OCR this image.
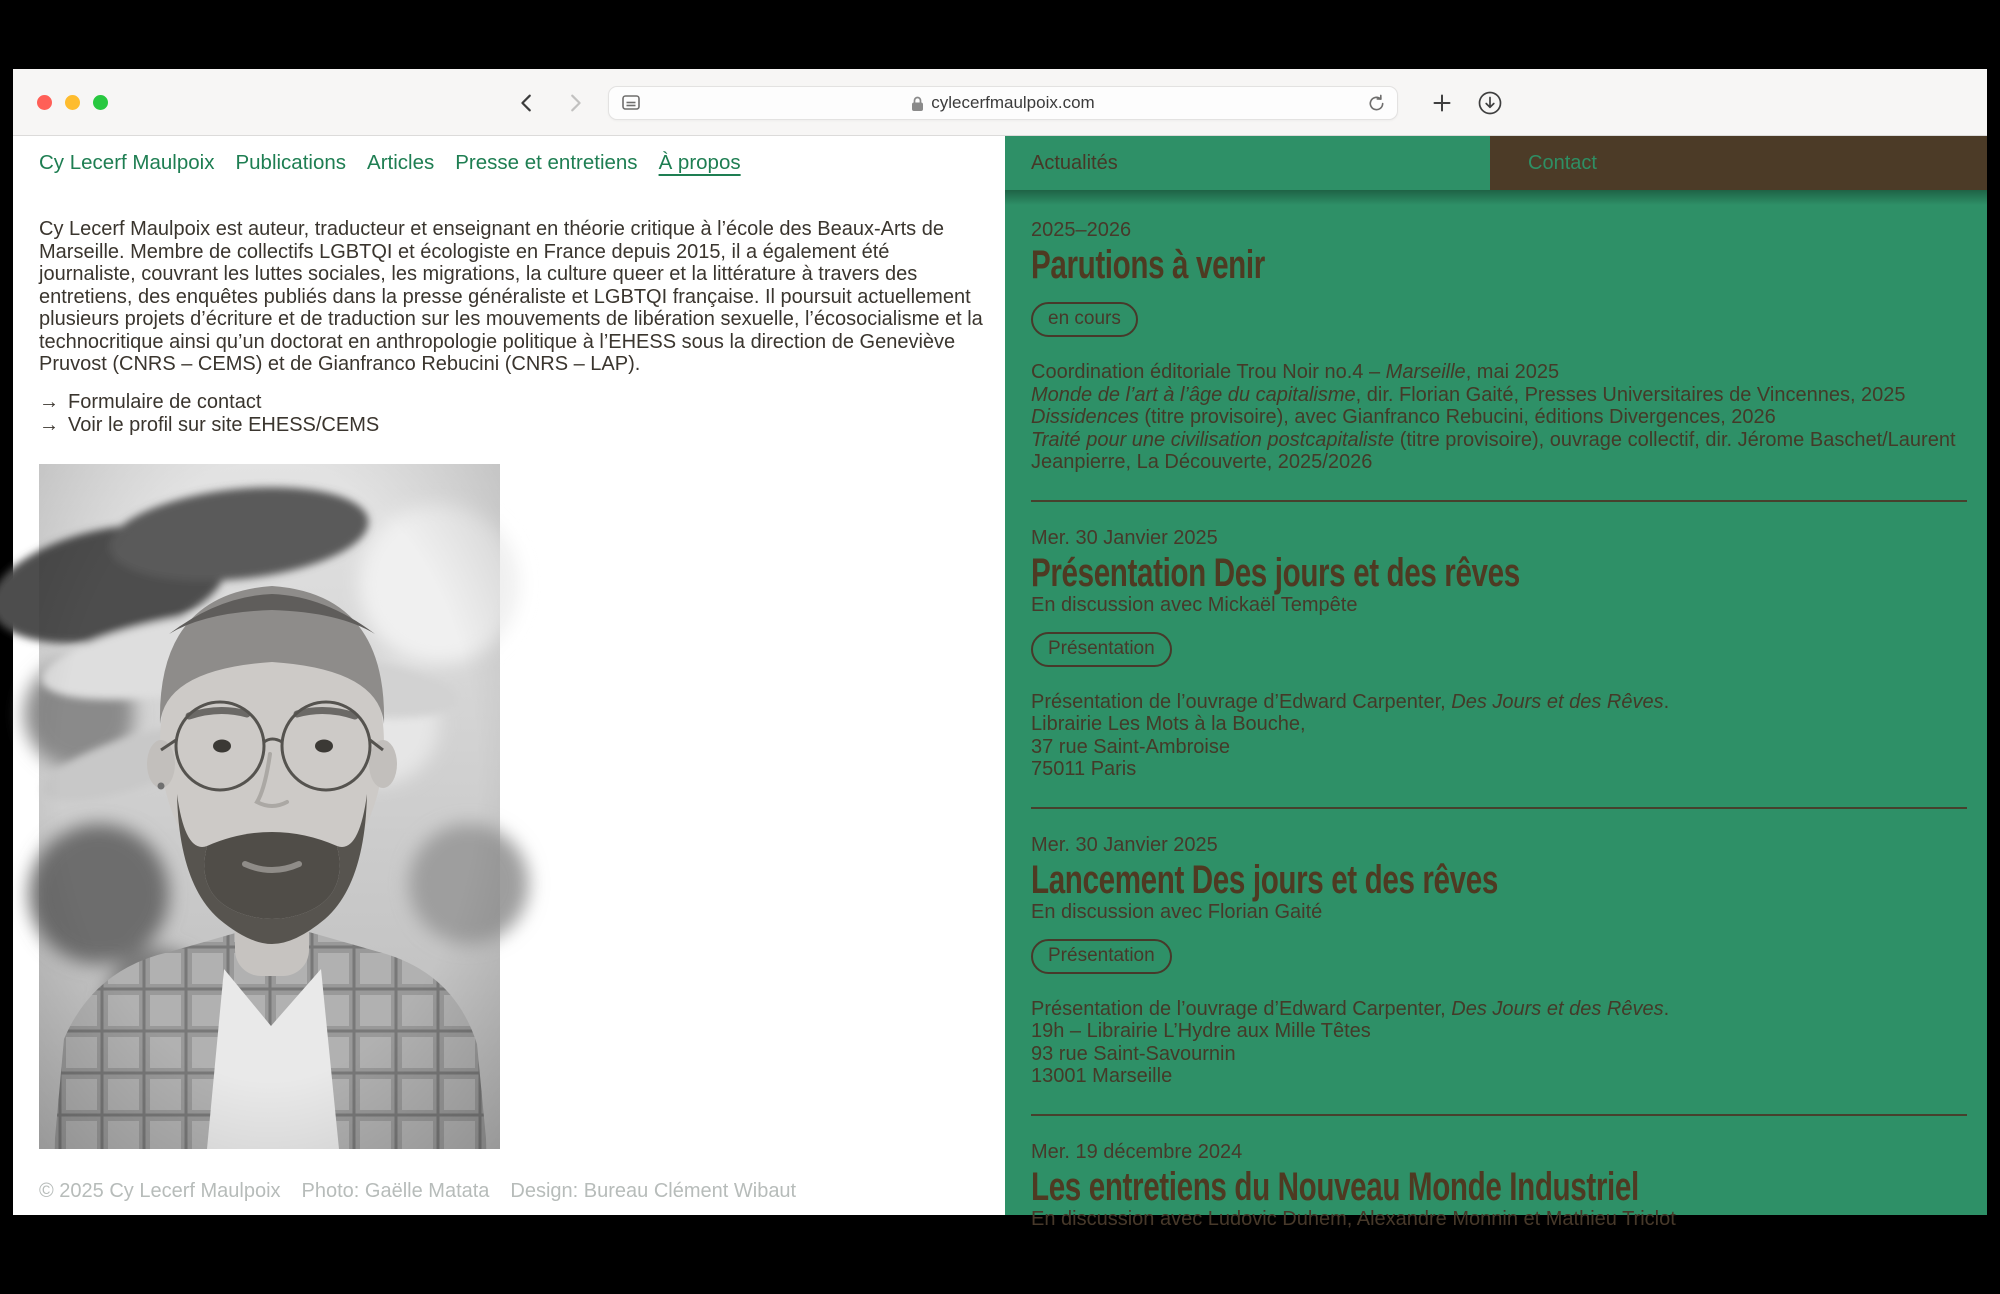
cylecerfmaulpoix.com
Cy Lecerf Maulpoix Publications Articles Presse et entretiens À propos	Actualités	Contact

Cy Lecerf Maulpoix est auteur, traducteur et enseignant en théorie critique à l’école des Beaux-Arts de Marseille. Membre de collectifs LGBTQI et écologiste en France depuis 2015, il a également été journaliste, couvrant les luttes sociales, les migrations, la culture queer et la littérature à travers des entretiens, des enquêtes publiés dans la presse généraliste et LGBTQI française. Il poursuit actuellement plusieurs projets d’écriture et de traduction sur les mouvements de libération sexuelle, l’écosocialisme et la technocritique ainsi qu’un doctorat en anthropologie politique à l’EHESS sous la direction de Geneviève Pruvost (CNRS – CEMS) et de Gianfranco Rebucini (CNRS – LAP).

→ Formulaire de contact
→ Voir le profil sur site EHESS/CEMS
© 2025 Cy Lecerf Maulpoix Photo: Gaëlle Matata Design: Bureau Clément Wibaut
2025–2026
Parutions à venir
en cours

Coordination éditoriale Trou Noir no.4 – Marseille, mai 2025
Monde de l’art à l’âge du capitalisme, dir. Florian Gaité, Presses Universitaires de Vincennes, 2025
Dissidences (titre provisoire), avec Gianfranco Rebucini, éditions Divergences, 2026
Traité pour une civilisation postcapitaliste (titre provisoire), ouvrage collectif, dir. Jérome Baschet/Laurent Jeanpierre, La Découverte, 2025/2026

Mer. 30 Janvier 2025
Présentation Des jours et des rêves
En discussion avec Mickaël Tempête
Présentation

Présentation de l’ouvrage d’Edward Carpenter, Des Jours et des Rêves.
Librairie Les Mots à la Bouche,
37 rue Saint-Ambroise
75011 Paris

Mer. 30 Janvier 2025
Lancement Des jours et des rêves
En discussion avec Florian Gaité
Présentation

Présentation de l’ouvrage d’Edward Carpenter, Des Jours et des Rêves.
19h – Librairie L’Hydre aux Mille Têtes
93 rue Saint-Savournin
13001 Marseille

Mer. 19 décembre 2024
Les entretiens du Nouveau Monde Industriel
En discussion avec Ludovic Duhem, Alexandre Monnin et Mathieu Triclot
